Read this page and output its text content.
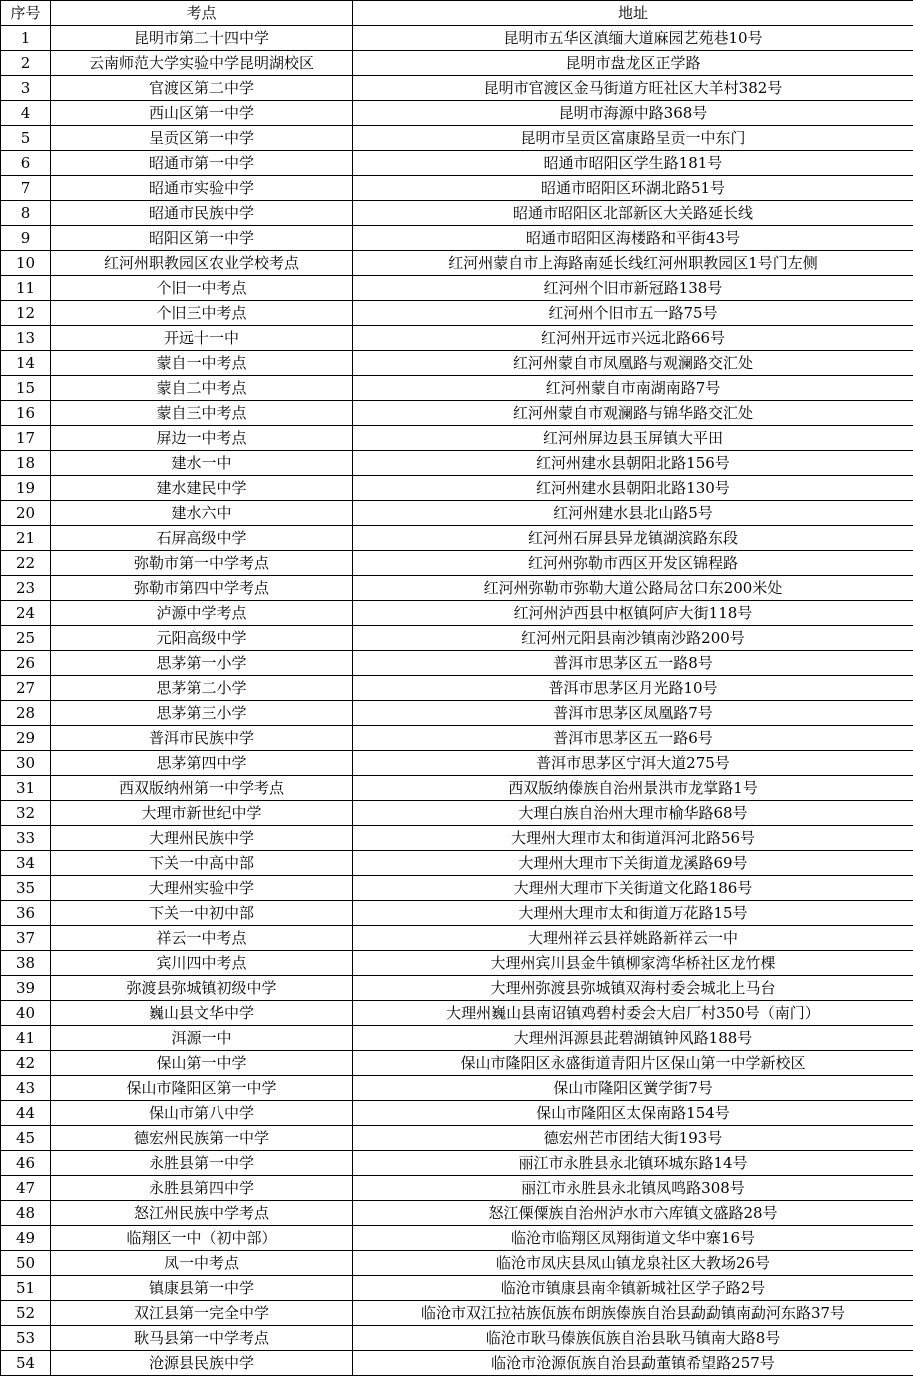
序号	考点	地址
1	昆明市第二十四中学	昆明市五华区滇缅大道麻园艺苑巷10号
2	云南师范大学实验中学昆明湖校区	昆明市盘龙区正学路
3	官渡区第二中学	昆明市官渡区金马街道方旺社区大羊村382号
4	西山区第一中学	昆明市海源中路368号
5	呈贡区第一中学	昆明市呈贡区富康路呈贡一中东门
6	昭通市第一中学	昭通市昭阳区学生路181号
7	昭通市实验中学	昭通市昭阳区环湖北路51号
8	昭通市民族中学	昭通市昭阳区北部新区大关路延长线
9	昭阳区第一中学	昭通市昭阳区海楼路和平街43号
10	红河州职教园区农业学校考点	红河州蒙自市上海路南延长线红河州职教园区1号门左侧
11	个旧一中考点	红河州个旧市新冠路138号
12	个旧三中考点	红河州个旧市五一路75号
13	开远十一中	红河州开远市兴远北路66号
14	蒙自一中考点	红河州蒙自市凤凰路与观澜路交汇处
15	蒙自二中考点	红河州蒙自市南湖南路7号
16	蒙自三中考点	红河州蒙自市观澜路与锦华路交汇处
17	屏边一中考点	红河州屏边县玉屏镇大平田
18	建水一中	红河州建水县朝阳北路156号
19	建水建民中学	红河州建水县朝阳北路130号
20	建水六中	红河州建水县北山路5号
21	石屏高级中学	红河州石屏县异龙镇湖滨路东段
22	弥勒市第一中学考点	红河州弥勒市西区开发区锦程路
23	弥勒市第四中学考点	红河州弥勒市弥勒大道公路局岔口东200米处
24	泸源中学考点	红河州泸西县中枢镇阿庐大街118号
25	元阳高级中学	红河州元阳县南沙镇南沙路200号
26	思茅第一小学	普洱市思茅区五一路8号
27	思茅第二小学	普洱市思茅区月光路10号
28	思茅第三小学	普洱市思茅区凤凰路7号
29	普洱市民族中学	普洱市思茅区五一路6号
30	思茅第四中学	普洱市思茅区宁洱大道275号
31	西双版纳州第一中学考点	西双版纳傣族自治州景洪市龙掌路1号
32	大理市新世纪中学	大理白族自治州大理市榆华路68号
33	大理州民族中学	大理州大理市太和街道洱河北路56号
34	下关一中高中部	大理州大理市下关街道龙溪路69号
35	大理州实验中学	大理州大理市下关街道文化路186号
36	下关一中初中部	大理州大理市太和街道万花路15号
37	祥云一中考点	大理州祥云县祥姚路新祥云一中
38	宾川四中考点	大理州宾川县金牛镇柳家湾华桥社区龙竹棵
39	弥渡县弥城镇初级中学	大理州弥渡县弥城镇双海村委会城北上马台
40	巍山县文华中学	大理州巍山县南诏镇鸡碧村委会大启厂村350号（南门）
41	洱源一中	大理州洱源县茈碧湖镇钟风路188号
42	保山第一中学	保山市隆阳区永盛街道青阳片区保山第一中学新校区
43	保山市隆阳区第一中学	保山市隆阳区黉学街7号
44	保山市第八中学	保山市隆阳区太保南路154号
45	德宏州民族第一中学	德宏州芒市团结大街193号
46	永胜县第一中学	丽江市永胜县永北镇环城东路14号
47	永胜县第四中学	丽江市永胜县永北镇凤鸣路308号
48	怒江州民族中学考点	怒江傈僳族自治州泸水市六库镇文盛路28号
49	临翔区一中（初中部）	临沧市临翔区凤翔街道文华中寨16号
50	凤一中考点	临沧市凤庆县凤山镇龙泉社区大教场26号
51	镇康县第一中学	临沧市镇康县南伞镇新城社区学子路2号
52	双江县第一完全中学	临沧市双江拉祜族佤族布朗族傣族自治县勐勐镇南勐河东路37号
53	耿马县第一中学考点	临沧市耿马傣族佤族自治县耿马镇南大路8号
54	沧源县民族中学	临沧市沧源佤族自治县勐董镇希望路257号
